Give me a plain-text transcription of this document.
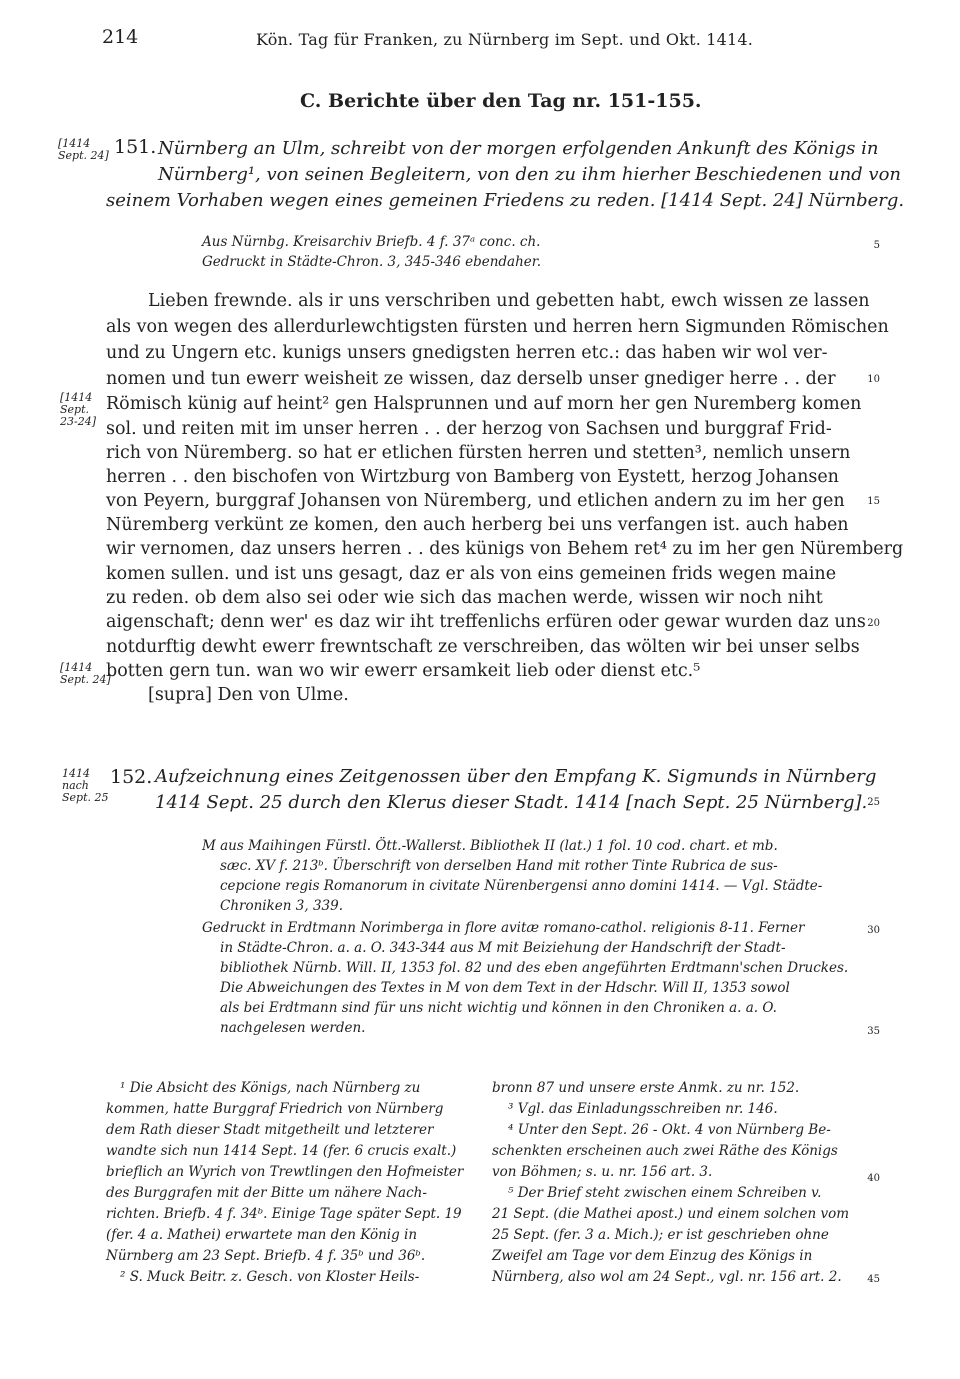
214	Kön. Tag für Franken, zu Nürnberg im Sept. und Okt. 1414.
C. Berichte über den Tag nr. 151-155.
[1414
Sept. 24] 151. Nürnberg an Ulm, schreibt von der morgen erfolgenden Ankunft des Königs in
Nürnberg¹, von seinen Begleitern, von den zu ihm hierher Beschiedenen und von
seinem Vorhaben wegen eines gemeinen Friedens zu reden. [1414 Sept. 24] Nürnberg.
Aus Nürnbg. Kreisarchiv Briefb. 4 f. 37ᵃ conc. ch.
Gedruckt in Städte-Chron. 3, 345-346 ebendaher.
Lieben frewnde. als ir uns verschriben und gebetten habt, ewch wissen ze lassen
als von wegen des allerdurlewchtigsten fürsten und herren hern Sigmunden Römischen
und zu Ungern etc. kunigs unsers gnedigsten herren etc.: das haben wir wol ver-
nomen und tun ewerr weisheit ze wissen, daz derselb unser gnediger herre . . der
Römisch künig auf heint² gen Halsprunnen und auf morn her gen Nuremberg komen
sol. und reiten mit im unser herren . . der herzog von Sachsen und burggraf Frid-
rich von Nüremberg. so hat er etlichen fürsten herren und stetten³, nemlich unsern
herren . . den bischofen von Wirtzburg von Bamberg von Eystett, herzog Johansen
von Peyern, burggraf Johansen von Nüremberg, und etlichen andern zu im her gen
Nüremberg verkünt ze komen, den auch herberg bei uns verfangen ist. auch haben
wir vernomen, daz unsers herren . . des künigs von Behem ret⁴ zu im her gen Nüremberg
komen sullen. und ist uns gesagt, daz er als von eins gemeinen frids wegen maine
zu reden. ob dem also sei oder wie sich das machen werde, wissen wir noch niht
aigenschaft; denn wer' es daz wir iht treffenlichs erfüren oder gewar wurden daz uns
notdurftig dewht ewerr frewntschaft ze verschreiben, das wölten wir bei unser selbs
botten gern tun. wan wo wir ewerr ersamkeit lieb oder dienst etc.⁵
[supra] Den von Ulme.
[1414
Sept.
23-24]
[1414
Sept. 24]
1414
nach
Sept. 25
152. Aufzeichnung eines Zeitgenossen über den Empfang K. Sigmunds in Nürnberg
1414 Sept. 25 durch den Klerus dieser Stadt. 1414 [nach Sept. 25 Nürnberg].
M aus Maihingen Fürstl. Ött.-Wallerst. Bibliothek II (lat.) 1 fol. 10 cod. chart. et mb.
sæc. XV f. 213ᵇ. Überschrift von derselben Hand mit rother Tinte Rubrica de sus-
cepcione regis Romanorum in civitate Nürenbergensi anno domini 1414. — Vgl. Städte-
Chroniken 3, 339.
Gedruckt in Erdtmann Norimberga in flore avitæ romano-cathol. religionis 8-11. Ferner
in Städte-Chron. a. a. O. 343-344 aus M mit Beiziehung der Handschrift der Stadt-
bibliothek Nürnb. Will. II, 1353 fol. 82 und des eben angeführten Erdtmann'schen Druckes.
Die Abweichungen des Textes in M von dem Text in der Hdschr. Will II, 1353 sowol
als bei Erdtmann sind für uns nicht wichtig und können in den Chroniken a. a. O.
nachgelesen werden.
5
10
15
20
25
30
35
40
45
¹ Die Absicht des Königs, nach Nürnberg zu
kommen, hatte Burggraf Friedrich von Nürnberg
dem Rath dieser Stadt mitgetheilt und letzterer
wandte sich nun 1414 Sept. 14 (fer. 6 crucis exalt.)
brieflich an Wyrich von Trewtlingen den Hofmeister
des Burggrafen mit der Bitte um nähere Nach-
richten. Briefb. 4 f. 34ᵇ. Einige Tage später Sept. 19
(fer. 4 a. Mathei) erwartete man den König in
Nürnberg am 23 Sept. Briefb. 4 f. 35ᵇ und 36ᵇ.
² S. Muck Beitr. z. Gesch. von Kloster Heils-
bronn 87 und unsere erste Anmk. zu nr. 152.
³ Vgl. das Einladungsschreiben nr. 146.
⁴ Unter den Sept. 26 - Okt. 4 von Nürnberg Be-
schenkten erscheinen auch zwei Räthe des Königs
von Böhmen; s. u. nr. 156 art. 3.
⁵ Der Brief steht zwischen einem Schreiben v.
21 Sept. (die Mathei apost.) und einem solchen vom
25 Sept. (fer. 3 a. Mich.); er ist geschrieben ohne
Zweifel am Tage vor dem Einzug des Königs in
Nürnberg, also wol am 24 Sept., vgl. nr. 156 art. 2.
